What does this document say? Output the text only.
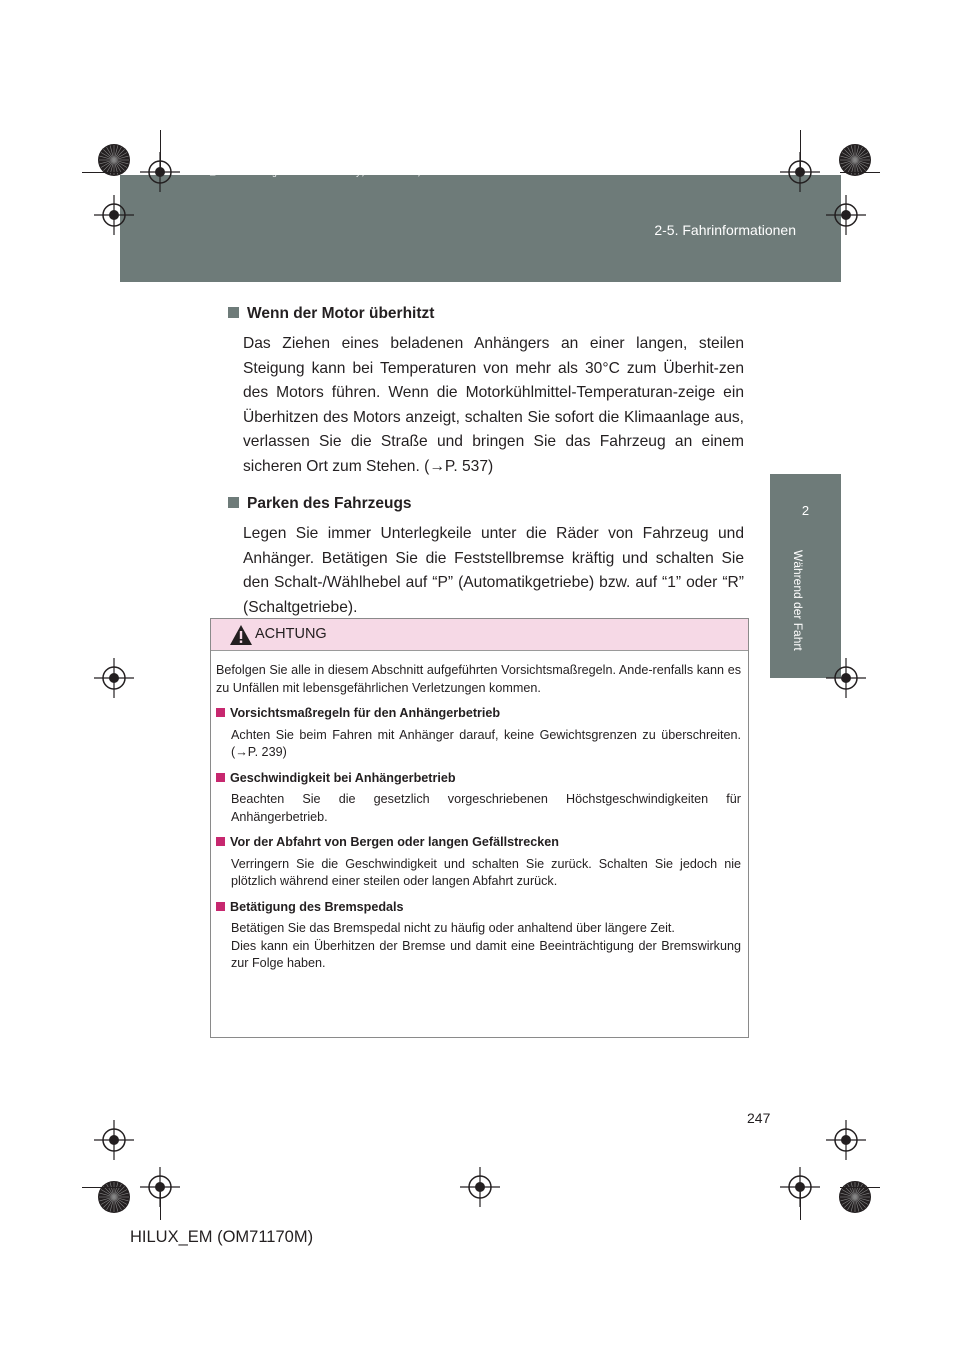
HILUX_EM.book Page 247 Wednesday, March 23, 2011 2:48 PM
2-5. Fahrinformationen
2
Während der Fahrt

Wenn der Motor überhitzt

Das Ziehen eines beladenen Anhängers an einer langen, steilen Steigung kann bei Temperaturen von mehr als 30°C zum Überhit-zen des Motors führen. Wenn die Motorkühlmittel-Temperaturan-zeige ein Überhitzen des Motors anzeigt, schalten Sie sofort die Klimaanlage aus, verlassen Sie die Straße und bringen Sie das Fahrzeug an einem sicheren Ort zum Stehen. (→P. 537)

Parken des Fahrzeugs

Legen Sie immer Unterlegkeile unter die Räder von Fahrzeug und Anhänger. Betätigen Sie die Feststellbremse kräftig und schalten Sie den Schalt-/Wählhebel auf “P” (Automatikgetriebe) bzw. auf “1” oder “R” (Schaltgetriebe).

ACHTUNG

Befolgen Sie alle in diesem Abschnitt aufgeführten Vorsichtsmaßregeln. Ande-renfalls kann es zu Unfällen mit lebensgefährlichen Verletzungen kommen.

Vorsichtsmaßregeln für den Anhängerbetrieb

Achten Sie beim Fahren mit Anhänger darauf, keine Gewichtsgrenzen zu überschreiten. (→P. 239)

Geschwindigkeit bei Anhängerbetrieb

Beachten Sie die gesetzlich vorgeschriebenen Höchstgeschwindigkeiten für Anhängerbetrieb.

Vor der Abfahrt von Bergen oder langen Gefällstrecken

Verringern Sie die Geschwindigkeit und schalten Sie zurück. Schalten Sie jedoch nie plötzlich während einer steilen oder langen Abfahrt zurück.

Betätigung des Bremspedals

Betätigen Sie das Bremspedal nicht zu häufig oder anhaltend über längere Zeit.

Dies kann ein Überhitzen der Bremse und damit eine Beeinträchtigung der Bremswirkung zur Folge haben.

247
HILUX_EM (OM71170M)
